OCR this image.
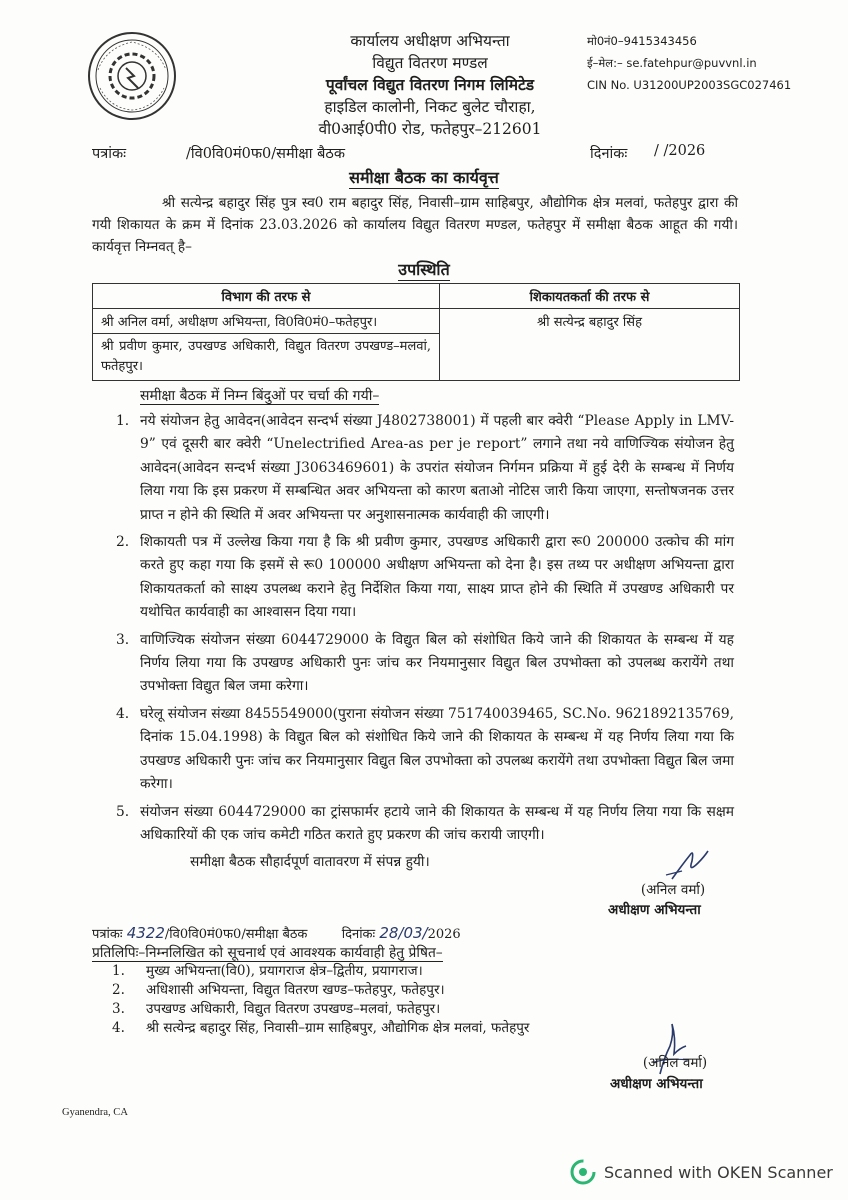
कार्यालय अधीक्षण अभियन्ता
विद्युत वितरण मण्डल
पूर्वांचल विद्युत वितरण निगम लिमिटेड
हाइडिल कालोनी, निकट बुलेट चौराहा,
वी0आई0पी0 रोड, फतेहपुर–212601
मो0नं0–9415343456
ई–मेल:– se.fatehpur@puvvnl.in
CIN No. U31200UP2003SGC027461
पत्रांकः	/वि0वि0मं0फ0/समीक्षा बैठक	दिनांकः / /2026
समीक्षा बैठक का कार्यवृत्त
श्री सत्येन्द्र बहादुर सिंह पुत्र स्व0 राम बहादुर सिंह, निवासी–ग्राम साहिबपुर, औद्योगिक क्षेत्र मलवां, फतेहपुर द्वारा की गयी शिकायत के क्रम में दिनांक 23.03.2026 को कार्यालय विद्युत वितरण मण्डल, फतेहपुर में समीक्षा बैठक आहूत की गयी। कार्यवृत्त निम्नवत् है–
उपस्थिति
विभाग की तरफ से	शिकायतकर्ता की तरफ से
श्री अनिल वर्मा, अधीक्षण अभियन्ता, वि0वि0मं0–फतेहपुर।	श्री सत्येन्द्र बहादुर सिंह
श्री प्रवीण कुमार, उपखण्ड अधिकारी, विद्युत वितरण उपखण्ड–मलवां, फतेहपुर।	
समीक्षा बैठक में निम्न बिंदुओं पर चर्चा की गयी–
1. नये संयोजन हेतु आवेदन(आवेदन सन्दर्भ संख्या J4802738001) में पहली बार क्वेरी “Please Apply in LMV-9” एवं दूसरी बार क्वेरी “Unelectrified Area-as per je report” लगाने तथा नये वाणिज्यिक संयोजन हेतु आवेदन(आवेदन सन्दर्भ संख्या J3063469601) के उपरांत संयोजन निर्गमन प्रक्रिया में हुई देरी के सम्बन्ध में निर्णय लिया गया कि इस प्रकरण में सम्बन्धित अवर अभियन्ता को कारण बताओ नोटिस जारी किया जाएगा, सन्तोषजनक उत्तर प्राप्त न होने की स्थिति में अवर अभियन्ता पर अनुशासनात्मक कार्यवाही की जाएगी।
2. शिकायती पत्र में उल्लेख किया गया है कि श्री प्रवीण कुमार, उपखण्ड अधिकारी द्वारा रू0 200000 उत्कोच की मांग करते हुए कहा गया कि इसमें से रू0 100000 अधीक्षण अभियन्ता को देना है। इस तथ्य पर अधीक्षण अभियन्ता द्वारा शिकायतकर्ता को साक्ष्य उपलब्ध कराने हेतु निर्देशित किया गया, साक्ष्य प्राप्त होने की स्थिति में उपखण्ड अधिकारी पर यथोचित कार्यवाही का आश्वासन दिया गया।
3. वाणिज्यिक संयोजन संख्या 6044729000 के विद्युत बिल को संशोधित किये जाने की शिकायत के सम्बन्ध में यह निर्णय लिया गया कि उपखण्ड अधिकारी पुनः जांच कर नियमानुसार विद्युत बिल उपभोक्ता को उपलब्ध करायेंगे तथा उपभोक्ता विद्युत बिल जमा करेगा।
4. घरेलू संयोजन संख्या 8455549000(पुराना संयोजन संख्या 751740039465, SC.No. 9621892135769, दिनांक 15.04.1998) के विद्युत बिल को संशोधित किये जाने की शिकायत के सम्बन्ध में यह निर्णय लिया गया कि उपखण्ड अधिकारी पुनः जांच कर नियमानुसार विद्युत बिल उपभोक्ता को उपलब्ध करायेंगे तथा उपभोक्ता विद्युत बिल जमा करेगा।
5. संयोजन संख्या 6044729000 का ट्रांसफार्मर हटाये जाने की शिकायत के सम्बन्ध में यह निर्णय लिया गया कि सक्षम अधिकारियों की एक जांच कमेटी गठित कराते हुए प्रकरण की जांच करायी जाएगी।
समीक्षा बैठक सौहार्दपूर्ण वातावरण में संपन्न हुयी।
(अनिल वर्मा)
अधीक्षण अभियन्ता
पत्रांकः 4322/वि0वि0मं0फ0/समीक्षा बैठक	दिनांकः 28/03/2026
प्रतिलिपिः–निम्नलिखित को सूचनार्थ एवं आवश्यक कार्यवाही हेतु प्रेषित–
1. मुख्य अभियन्ता(वि0), प्रयागराज क्षेत्र–द्वितीय, प्रयागराज।
2. अधिशासी अभियन्ता, विद्युत वितरण खण्ड–फतेहपुर, फतेहपुर।
3. उपखण्ड अधिकारी, विद्युत वितरण उपखण्ड–मलवां, फतेहपुर।
4. श्री सत्येन्द्र बहादुर सिंह, निवासी–ग्राम साहिबपुर, औद्योगिक क्षेत्र मलवां, फतेहपुर
(अनिल वर्मा)
अधीक्षण अभियन्ता
Gyanendra, CA
Scanned with OKEN Scanner
